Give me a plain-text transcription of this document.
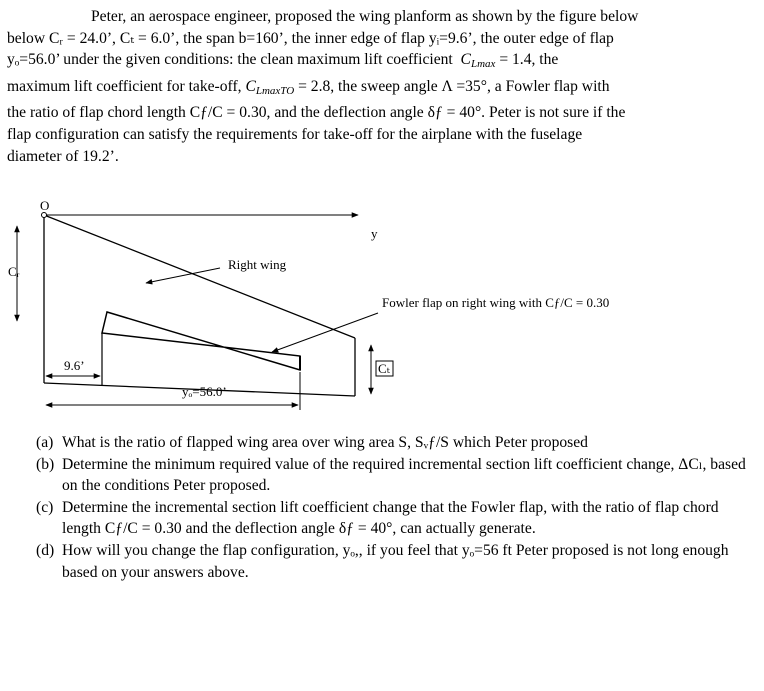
Peter, an aerospace engineer, proposed the wing planform as shown by the figure below
below Cᵣ = 24.0’, Cₜ = 6.0’, the span b=160’, the inner edge of flap yᵢ=9.6’, the outer edge of flap
yₒ=56.0’ under the given conditions: the clean maximum lift coefficient $C_{Lmax} = 1.4$, the
maximum lift coefficient for take-off, $C_{LmaxTO} = 2.8$, the sweep angle Λ =35°, a Fowler flap with
the ratio of flap chord length Cƒ/C = 0.30, and the deflection angle δƒ = 40°. Peter is not sure if the
flap configuration can satisfy the requirements for take-off for the airplane with the fuselage
diameter of 19.2’.

O
y
Cᵣ	Right wing
Fowler flap on right wing with Cƒ/C = 0.30
Cₜ
9.6’
yₒ=56.0’
(a) What is the ratio of flapped wing area over wing area S, Sᵥƒ/S which Peter proposed
(b) Determine the minimum required value of the required incremental section lift coefficient change, ΔCₗ, based on the conditions Peter proposed.
(c) Determine the incremental section lift coefficient change that the Fowler flap, with the ratio of flap chord length Cƒ/C = 0.30 and the deflection angle δƒ = 40°, can actually generate.
(d) How will you change the flap configuration, yₒ,, if you feel that yₒ=56 ft Peter proposed is not long enough based on your answers above.
